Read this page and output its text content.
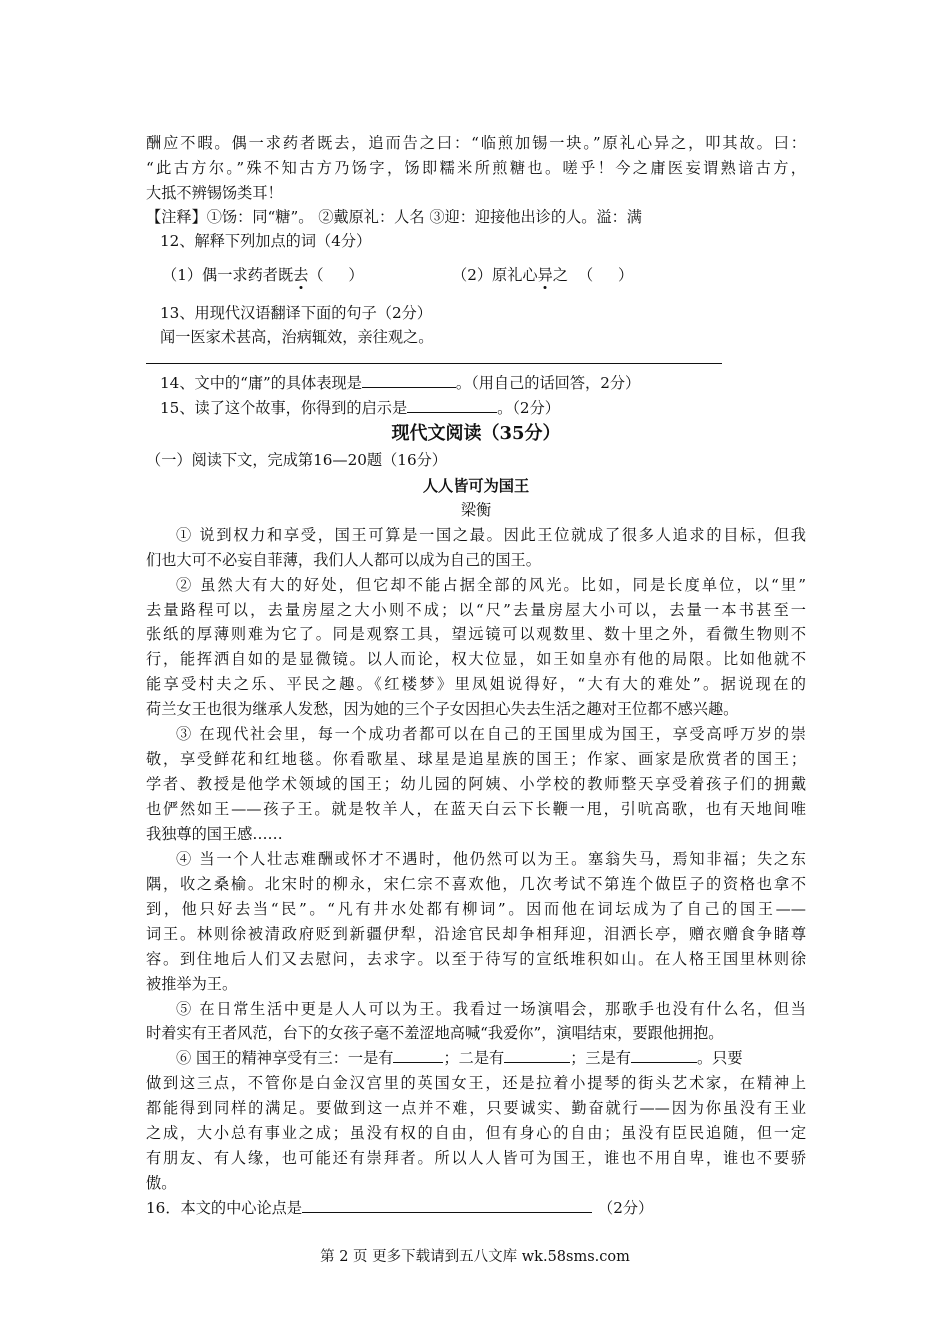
酬应不暇。偶一求药者既去，追而告之曰：“临煎加锡一块。”原礼心异之，叩其故。曰：
“此古方尔。”殊不知古方乃饧字，饧即糯米所煎糖也。嗟乎！今之庸医妄谓熟谙古方，
大抵不辨锡饧类耳！
【注释】①饧：同“糖”。 ②戴原礼：人名 ③迎：迎接他出诊的人。溢：满
12、解释下列加点的词（4分）
（1）偶一求药者既去（ ）	（2）原礼心异之（ ）
13、用现代汉语翻译下面的句子（2分）
闻一医家术甚高，治病辄效，亲往观之。
14、文中的“庸”的具体表现是	。（用自己的话回答，2分）
15、读了这个故事，你得到的启示是	。（2分）
现代文阅读（35分）
（一）阅读下文，完成第16—20题（16分）
人人皆可为国王
梁衡
① 说到权力和享受，国王可算是一国之最。因此王位就成了很多人追求的目标，但我
们也大可不必妄自菲薄，我们人人都可以成为自己的国王。
② 虽然大有大的好处，但它却不能占据全部的风光。比如，同是长度单位，以“里”
去量路程可以，去量房屋之大小则不成；以“尺”去量房屋大小可以，去量一本书甚至一
张纸的厚薄则难为它了。同是观察工具，望远镜可以观数里、数十里之外，看微生物则不
行，能挥洒自如的是显微镜。以人而论，权大位显，如王如皇亦有他的局限。比如他就不
能享受村夫之乐、平民之趣。《红楼梦》里凤姐说得好，“大有大的难处”。据说现在的
荷兰女王也很为继承人发愁，因为她的三个子女因担心失去生活之趣对王位都不感兴趣。
③ 在现代社会里，每一个成功者都可以在自己的王国里成为国王，享受高呼万岁的崇
敬，享受鲜花和红地毯。你看歌星、球星是追星族的国王；作家、画家是欣赏者的国王；
学者、教授是他学术领域的国王；幼儿园的阿姨、小学校的教师整天享受着孩子们的拥戴
也俨然如王——孩子王。就是牧羊人，在蓝天白云下长鞭一甩，引吭高歌，也有天地间唯
我独尊的国王感……
④ 当一个人壮志难酬或怀才不遇时，他仍然可以为王。塞翁失马，焉知非福；失之东
隅，收之桑榆。北宋时的柳永，宋仁宗不喜欢他，几次考试不第连个做臣子的资格也拿不
到，他只好去当“民”。“凡有井水处都有柳词”。因而他在词坛成为了自己的国王——
词王。林则徐被清政府贬到新疆伊犁，沿途官民却争相拜迎，泪洒长亭，赠衣赠食争睹尊
容。到住地后人们又去慰问，去求字。以至于待写的宣纸堆积如山。在人格王国里林则徐
被推举为王。
⑤ 在日常生活中更是人人可以为王。我看过一场演唱会，那歌手也没有什么名，但当
时着实有王者风范，台下的女孩子毫不羞涩地高喊“我爱你”，演唱结束，要跟他拥抱。
⑥ 国王的精神享受有三：一是有	；二是有	；三是有	。只要
做到这三点，不管你是白金汉宫里的英国女王，还是拉着小提琴的街头艺术家，在精神上
都能得到同样的满足。要做到这一点并不难，只要诚实、勤奋就行——因为你虽没有王业
之成，大小总有事业之成；虽没有权的自由，但有身心的自由；虽没有臣民追随，但一定
有朋友、有人缘，也可能还有崇拜者。所以人人皆可为国王，谁也不用自卑，谁也不要骄
傲。
16．本文的中心论点是	（2分）
第 2 页 更多下载请到五八文库 wk.58sms.com
